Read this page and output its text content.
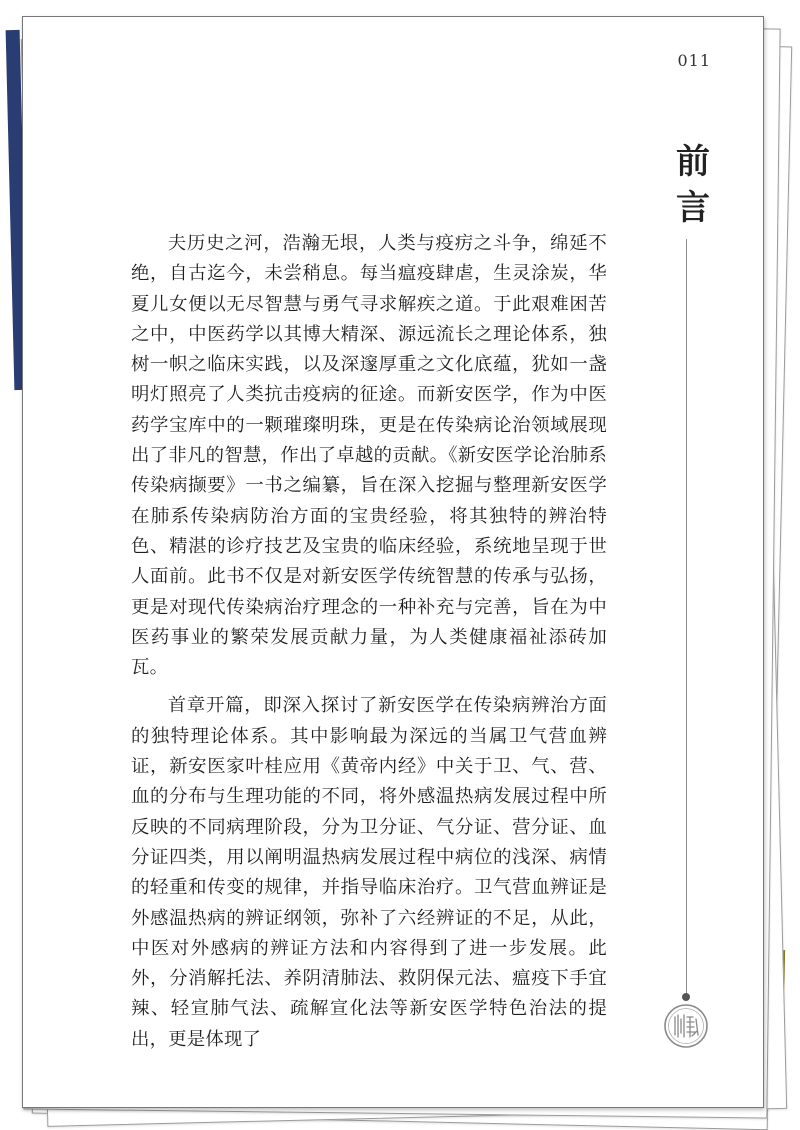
011
前
言

夫历史之河，浩瀚无垠，人类与疫疠之斗争，绵延不绝，自古迄今，未尝稍息。每当瘟疫肆虐，生灵涂炭，华夏儿女便以无尽智慧与勇气寻求解疾之道。于此艰难困苦之中，中医药学以其博大精深、源远流长之理论体系，独树一帜之临床实践，以及深邃厚重之文化底蕴，犹如一盏明灯照亮了人类抗击疫病的征途。而新安医学，作为中医药学宝库中的一颗璀璨明珠，更是在传染病论治领域展现出了非凡的智慧，作出了卓越的贡献。《新安医学论治肺系传染病撷要》一书之编纂，旨在深入挖掘与整理新安医学在肺系传染病防治方面的宝贵经验，将其独特的辨治特色、精湛的诊疗技艺及宝贵的临床经验，系统地呈现于世人面前。此书不仅是对新安医学传统智慧的传承与弘扬，更是对现代传染病治疗理念的一种补充与完善，旨在为中医药事业的繁荣发展贡献力量，为人类健康福祉添砖加瓦。

首章开篇，即深入探讨了新安医学在传染病辨治方面的独特理论体系。其中影响最为深远的当属卫气营血辨证，新安医家叶桂应用《黄帝内经》中关于卫、气、营、血的分布与生理功能的不同，将外感温热病发展过程中所反映的不同病理阶段，分为卫分证、气分证、营分证、血分证四类，用以阐明温热病发展过程中病位的浅深、病情的轻重和传变的规律，并指导临床治疗。卫气营血辨证是外感温热病的辨证纲领，弥补了六经辨证的不足，从此，中医对外感病的辨证方法和内容得到了进一步发展。此外，分消解托法、养阴清肺法、救阴保元法、瘟疫下手宜辣、轻宣肺气法、疏解宣化法等新安医学特色治法的提出，更是体现了
